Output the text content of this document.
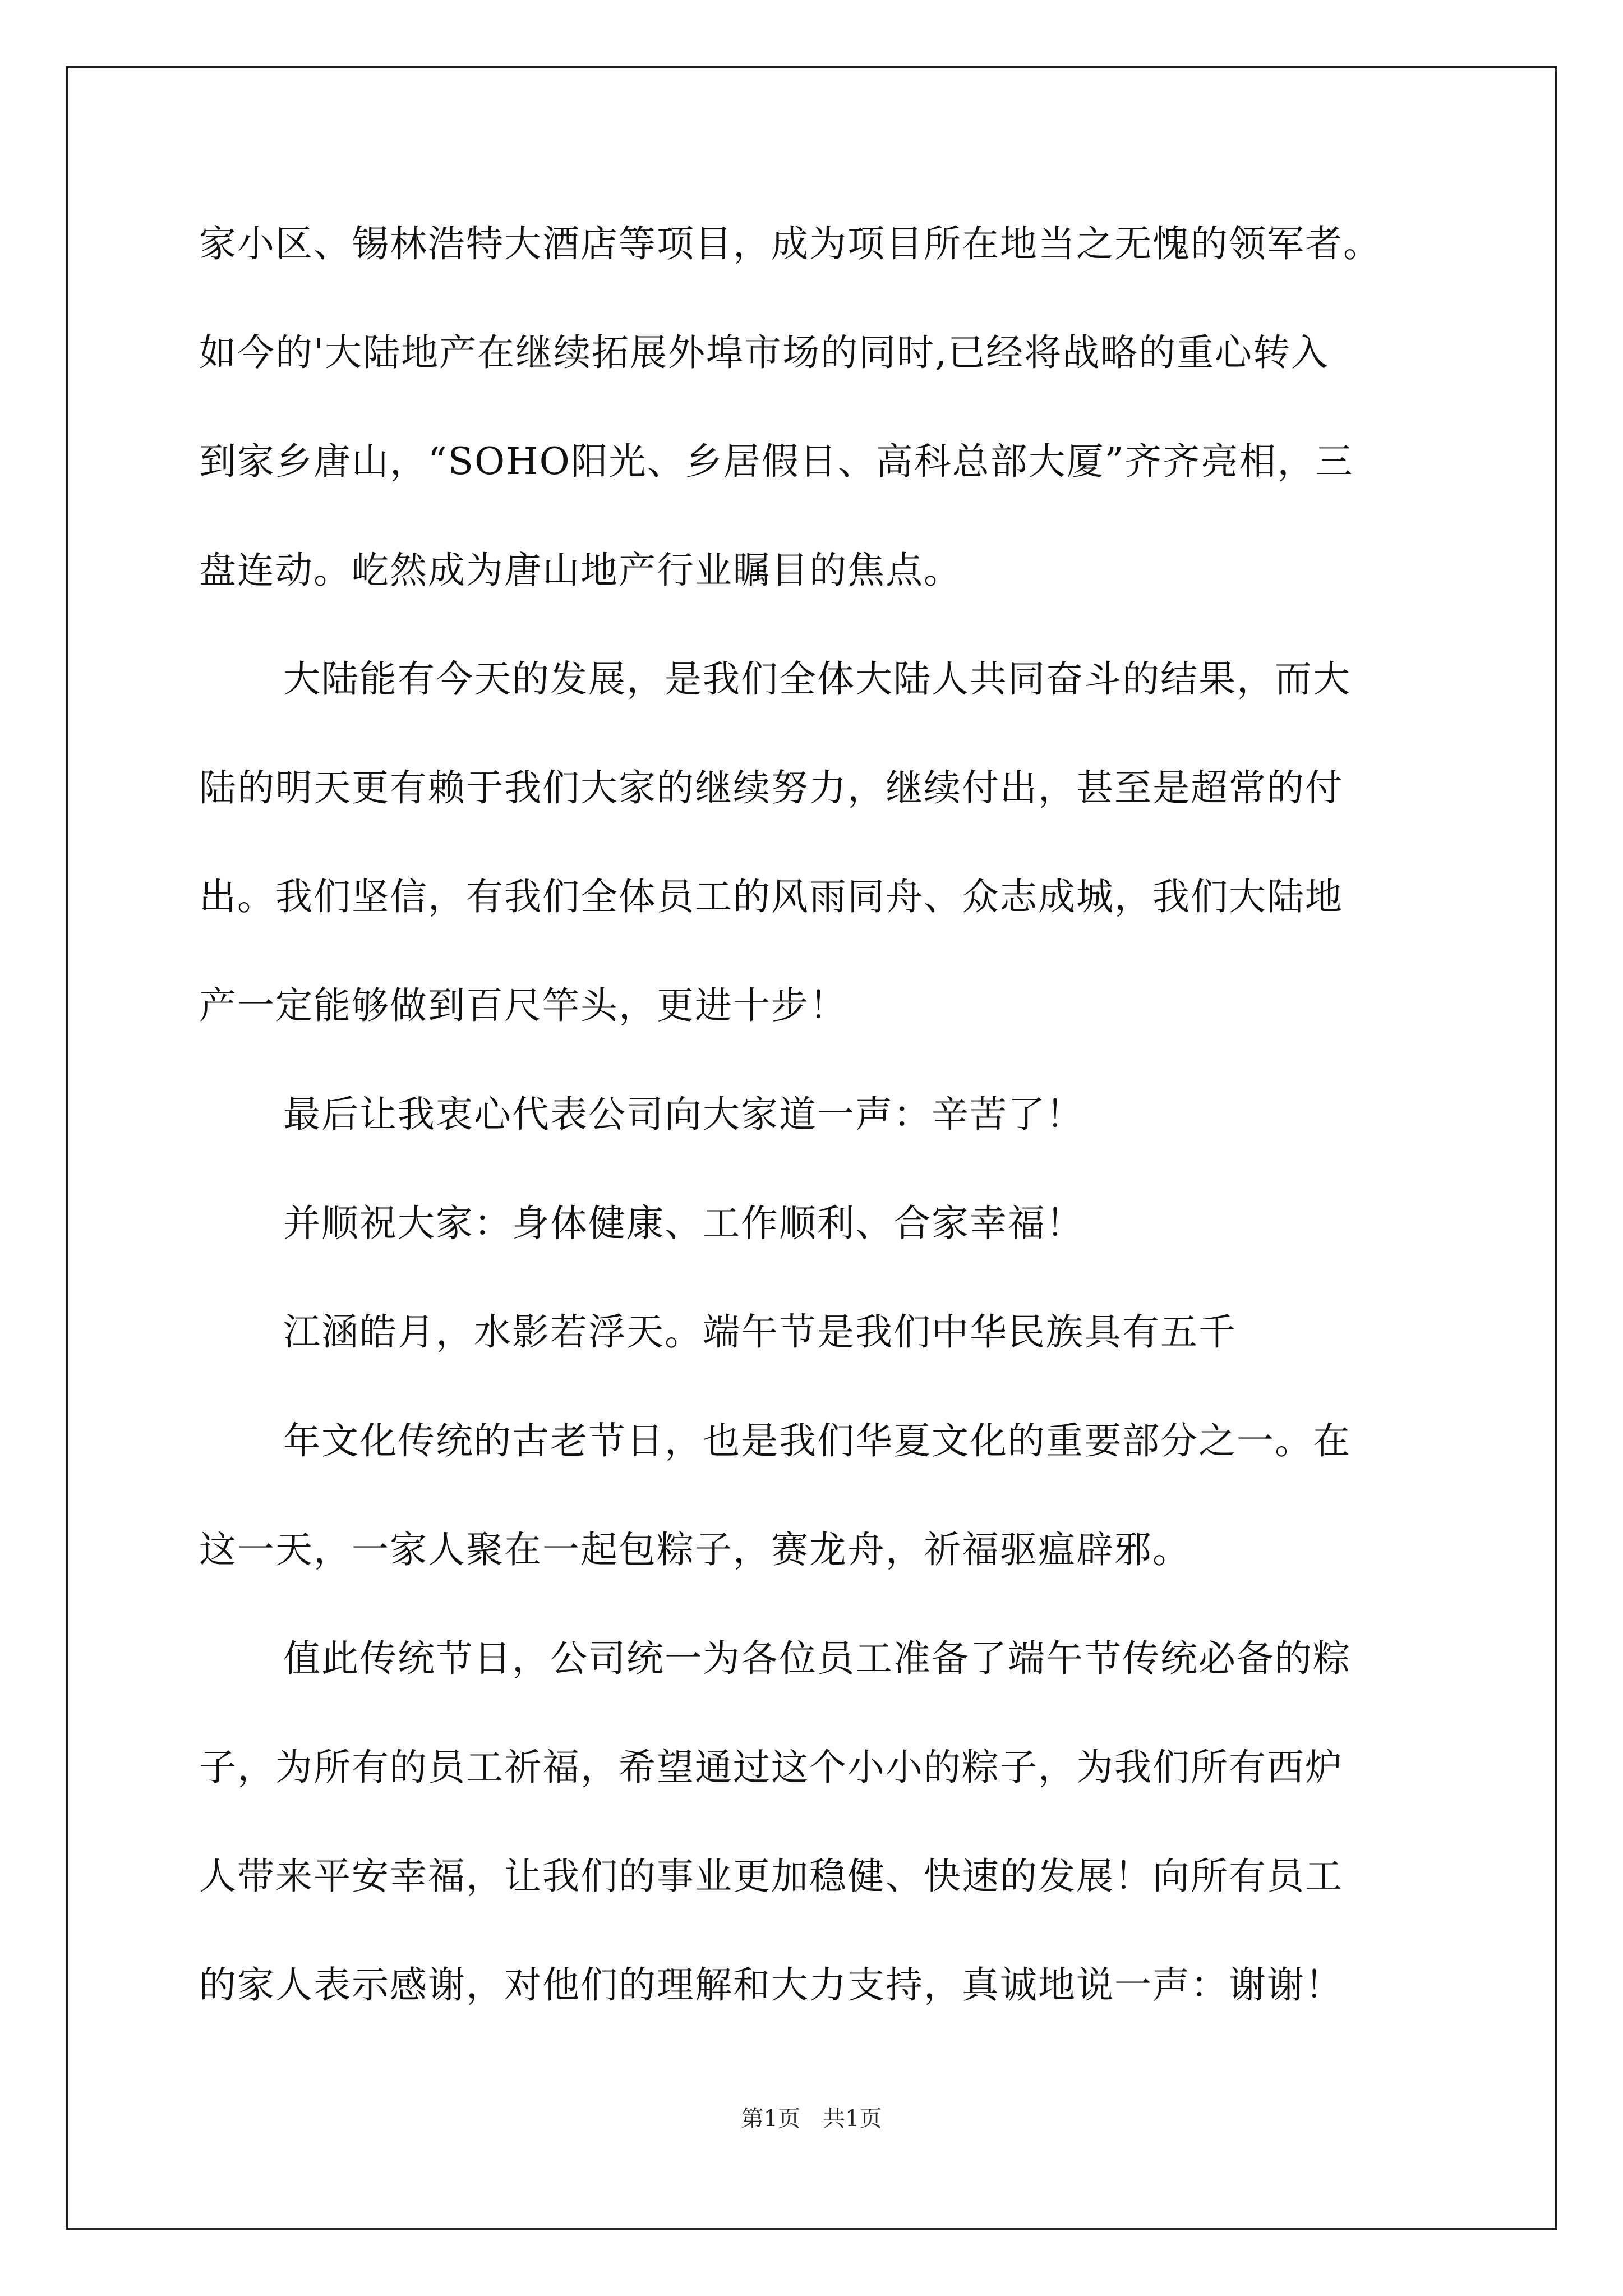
家小区、锡林浩特大酒店等项目，成为项目所在地当之无愧的领军者。
如今的'大陆地产在继续拓展外埠市场的同时,已经将战略的重心转入
到家乡唐山，“SOHO阳光、乡居假日、高科总部大厦”齐齐亮相，三
盘连动。屹然成为唐山地产行业瞩目的焦点。
大陆能有今天的发展，是我们全体大陆人共同奋斗的结果，而大
陆的明天更有赖于我们大家的继续努力，继续付出，甚至是超常的付
出。我们坚信，有我们全体员工的风雨同舟、众志成城，我们大陆地
产一定能够做到百尺竿头，更进十步！
最后让我衷心代表公司向大家道一声：辛苦了！
并顺祝大家：身体健康、工作顺利、合家幸福！
江涵皓月，水影若浮天。端午节是我们中华民族具有五千
年文化传统的古老节日，也是我们华夏文化的重要部分之一。在
这一天，一家人聚在一起包粽子，赛龙舟，祈福驱瘟辟邪。
值此传统节日，公司统一为各位员工准备了端午节传统必备的粽
子，为所有的员工祈福，希望通过这个小小的粽子，为我们所有西炉
人带来平安幸福，让我们的事业更加稳健、快速的发展！向所有员工
的家人表示感谢，对他们的理解和大力支持，真诚地说一声：谢谢！
第1页　共1页
